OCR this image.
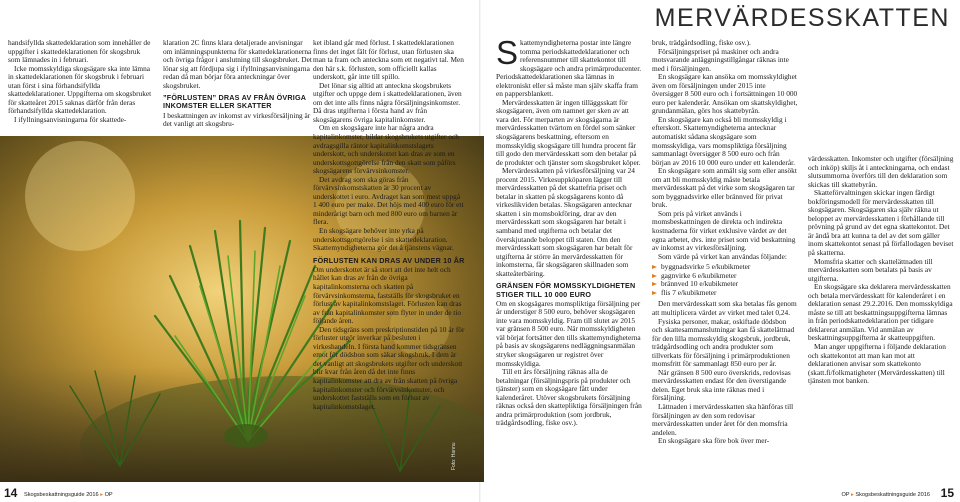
MERVÄRDESSKATTEN

handsifyllda skattedeklaration som innehåller de uppgifter i skattedeklarationen för skogsbruk som lämnades in i februari.

Icke momsskyldiga skogsägare ska inte lämna in skattedeklarationen för skogsbruk i februari utan först i sina förhandsifyllda skattedeklarationer. Uppgifterna om skogsbruket för skatteåret 2015 saknas därför från deras förhandsifyllda skattedeklaration.

I ifyllningsanvisningarna för skattede-

klaration 2C finns klara detaljerade anvisningar om inlämningspunkterna för skattedeklarationerna och övriga frågor i anslutning till skogsbruket. Det lönar sig att fördjupa sig i ifyllningsanvisningarna redan då man börjar föra anteckningar över skogsbruket.

”FÖRLUSTEN” DRAS AV FRÅN ÖVRIGA INKOMSTER ELLER SKATTER

I beskattningen av inkomst av virkesförsäljning är det vanligt att skogsbru-

Foto: Hannu

ket ibland går med förlust. I skattedeklarationen finns det inget fält för förlust, utan förlusten ska man ta fram och anteckna som ett negativt tal. Men den här s.k. förlusten, som officiellt kallas underskott, går inte till spillo.

Det lönar sig alltid att anteckna skogsbrukets utgifter och uppge dem i skattedeklarationen, även om det inte alls finns några försäljningsinkomster. Då dras utgifterna i första hand av från skogsägarens övriga kapitalinkomster.

Om en skogsägare inte har några andra kapitalinkomster, bildar skogsbrukets utgifter och avdragsgilla räntor kapitalinkomstslagets underskott, och underskottet kan dras av som en underskottsgottgörelse från den skatt som påförs skogsägarens förvärvsinkomster.

Det avdrag som ska göras från förvärvsinkomstskatten är 30 procent av underskottet i euro. Avdraget kan som mest uppgå 1 400 euro per make. Det höjs med 400 euro för ett minderårigt barn och med 800 euro om barnen är flera.

En skogsägare behöver inte yrka på underskottsgottgörelse i sin skattedeklaration. Skattemyndigheterna gör det å tjänstens vägnar.

FÖRLUSTEN KAN DRAS AV UNDER 10 ÅR

Om underskottet är så stort att det inte helt och hållet kan dras av från de övriga kapitalinkomsterna och skatten på förvärvsinkomsterna, fastställs för skogsbruket en förlust av kapitalinkomstslaget. Förlusten kan dras av från kapitalinkomster som flyter in under de tio följande åren.

Den tidsgräns som preskriptionstiden på 10 år för förluster utgör inverkar på besluten i virkeshandeln. I första hand kommer tidsgränsen emot för dödsbon som säkar skogsbruk. I dem är det vanligt att skogsbrukets utgifter och underskott blir kvar från åren då det inte finns kapitalinkomster att dra av från skatten på övriga kapitalinkomster och förvärvsinkomster, och underskottet fastställs som en förlust av kapitalinkomstslaget.

Skattemyndigheterna postar inte längre tomma periodskattedeklarationer och referensnummer till skattekontot till skogsägare och andra primärproducenter. Periodskattedeklarationen ska lämnas in elektroniskt eller så måste man själv skaffa fram en pappersblankett.

Mervärdesskatten är ingen tilläggsskatt för skogsägaren, även om namnet ger sken av att vara det. För merparten av skogsägarna är mervärdesskatten tvärtom en fördel som sänker skogsägarens beskattning, eftersom en momsskyldig skogsägare till hundra procent får till godo den mervärdesskatt som den betalar på de produkter och tjänster som skogsbruket köper.

Mervärdesskatten på virkesförsäljning var 24 procent 2015. Virkesuppköparen lägger till mervärdesskatten på det skattefria priset och betalar in skatten på skogsägarens konto då virkeslikviden betalas. Skogsägaren antecknar skatten i sin momsbokföring, drar av den mervärdesskatt som skogsägaren har betalt i samband med utgifterna och betalar det överskjutande beloppet till staten. Om den mervärdesskatt som skogsägaren har betalt för utgifterna är större än mervärdesskatten för inkomsterna, får skogsägaren skillnaden som skatteåterbäring.

GRÄNSEN FÖR MOMSSKYLDIGHETEN STIGER TILL 10 000 EURO

Om en skogsägares momspliktiga försäljning per år understiger 8 500 euro, behöver skogsägaren inte vara momsskyldig. Fram till slutet av 2015 var gränsen 8 500 euro. När momsskyldigheten väl börjat fortsätter den tills skattemyndigheterna på basis av skogsägarens nedläggningsanmälan stryker skogsägaren ur registret över momsskyldiga.

Till ett års försäljning räknas alla de betalningar (försäljningspris på produkter och tjänster) som en skogsägare fått under kalenderåret. Utöver skogsbrukets försäljning räknas också den skattepliktiga försäljningen från andra primärproduktion (som jordbruk, trädgårdsodling, fiske osv.).

bruk, trädgårdsodling, fiske osv.).

Försäljningspriset på maskiner och andra motsvarande anläggningstillgångar räknas inte med i försäljningen.

En skogsägare kan ansöka om momsskyldighet även om försäljningen under 2015 inte översigger 8 500 euro och i fortsättningen 10 000 euro per kalenderår. Ansökan om skattskyldighet, grundanmälan, görs hos skattebyrån.

En skogsägare kan också bli momsskyldig i efterskott. Skattemyndigheterna antecknar automatiskt sådana skogsägare som momsskyldiga, vars momspliktiga försäljning sammanlagt översigger 8 500 euro och från början av 2016 10 000 euro under ett kalenderår.

En skogsägare som anmält sig som eller ansökt om att bli momsskyldig måste betala mervärdesskatt på det virke som skogsägaren tar som byggnadsvirke eller brännved för privat bruk.

Som pris på virket används i momsbeskattningen de direkta och indirekta kostnaderna för virket exklusive värdet av det egna arbetet, dvs. inte priset som vid beskattning av inkomst av virkesförsäljning.

Som värde på virket kan användas följande:

byggnadsvirke 5 e/kubikmeter
gagnvirke 6 e/kubikmeter
brännved 10 e/kubikmeter
flis 7 e/kubikmeter

Den mervärdesskatt som ska betalas fås genom att multiplicera värdet av virket med talet 0,24.

Fysiska personer, makar, oskiftade dödsbon och skattesammanslutningar kan få skattelättnad för den lilla momsskyldig skogsbruk, jordbruk, trädgårdsodling och andra produkter som tillverkats för försäljning i primärproduktionen momsfritt för sammanlagt 850 euro per år.

När gränsen 8 500 euro överskrids, redovisas mervärdesskatten endast för den överstigande delen. Eget bruk ska inte räknas med i försäljning.

Lättnaden i mervärdesskatten ska hänföras till försäljningen av den som redovisar mervärdesskatten under året för den momsfria andelen.

En skogsägare ska före bok över mer-

värdesskatten. Inkomster och utgifter (försäljning och inköp) skiljs åt i anteckningarna, och endast slutsummorna överförs till den deklaration som skickas till skattebyrån.

Skatteförvaltningen skickar ingen färdigt bokföringsmodell för mervärdesskatten till skogsägaren. Skogsägaren ska själv räkna ut beloppet av mervärdesskatten i förhållande till prövning på grund av det egna skattekontot. Det är ändå bra att kunna ta del av det som gäller inom skattekontot senast på förfallodagen beviset på skatterna.

Momsfria skatter och skattelättnaden till mervärdesskatten som betalats på basis av utgifterna.

En skogsägare ska deklarera mervärdesskatten och betala mervärdesskatt för kalenderåret i en deklaration senast 29.2.2016. Den momsskyldiga måste se till att beskattningsuppgifterna lämnas in från periodskattedeklaration per tidigare deklarerat anmälan. Vid anmälan av beskattningsuppgifterna är skatteuppgiften.

Man anger uppgifterna i följande deklaration och skattekontot att man kan mot att deklarationen anvisar som skattekonto (skatt.fi/folkmatigheter (Mervärdesskatten) till tjänsten mot banken.

14 Skogsbeskattningsguide 2016 ▸ OP	OP ▸ Skogsbeskattningsguide 2016 15
